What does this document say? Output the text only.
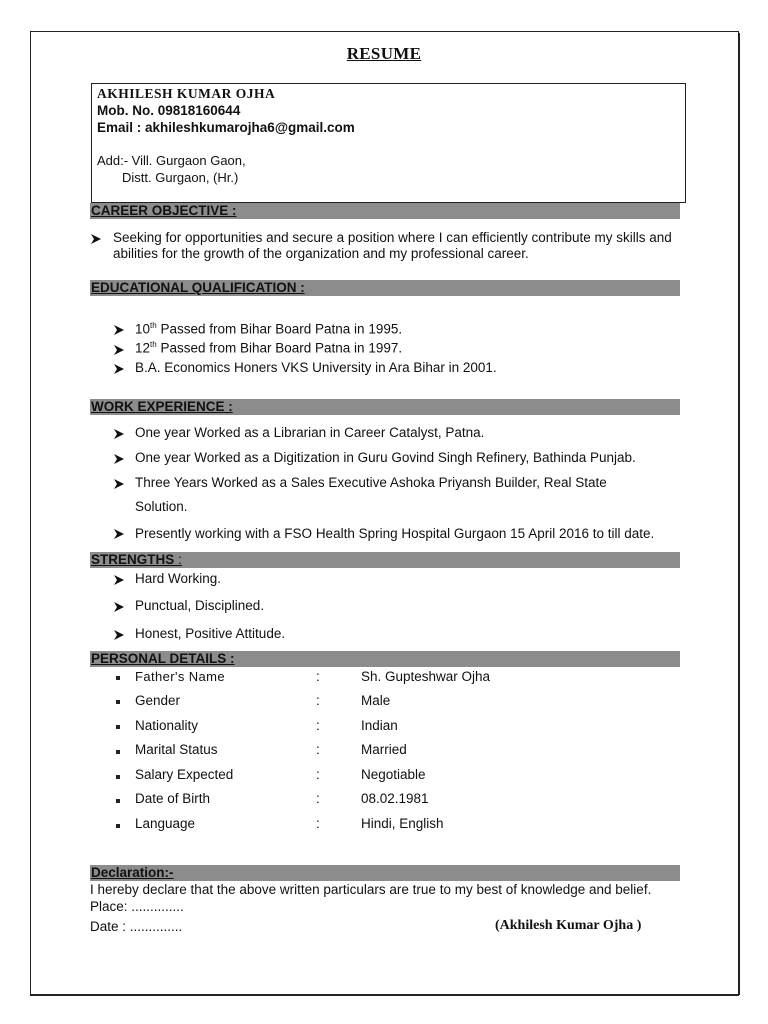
RESUME
AKHILESH KUMAR OJHA
Mob. No. 09818160644
Email : akhileshkumarojha6@gmail.com
Add:- Vill. Gurgaon Gaon,
Distt. Gurgaon, (Hr.)
CAREER OBJECTIVE :
Seeking for opportunities and secure a position where I can efficiently contribute my skills and
abilities for the growth of the organization and my professional career.
EDUCATIONAL QUALIFICATION :
10th Passed from Bihar Board Patna in 1995.
12th Passed from Bihar Board Patna in 1997.
B.A. Economics Honers VKS University in Ara Bihar in 2001.
WORK EXPERIENCE :
One year Worked as a Librarian in Career Catalyst, Patna.
One year Worked as a Digitization in Guru Govind Singh Refinery, Bathinda Punjab.
Three Years Worked as a Sales Executive Ashoka Priyansh Builder, Real State
Solution.
Presently working with a FSO Health Spring Hospital Gurgaon 15 April 2016 to till date.
STRENGTHS :
Hard Working.
Punctual, Disciplined.
Honest, Positive Attitude.
PERSONAL DETAILS :
Father's Name	:	Sh. Gupteshwar Ojha
Gender	:	Male
Nationality	:	Indian
Marital Status	:	Married
Salary Expected	:	Negotiable
Date of Birth	:	08.02.1981
Language	:	Hindi, English
Declaration:-
I hereby declare that the above written particulars are true to my best of knowledge and belief.
Place: ..............
Date : ..............	(Akhilesh Kumar Ojha )
